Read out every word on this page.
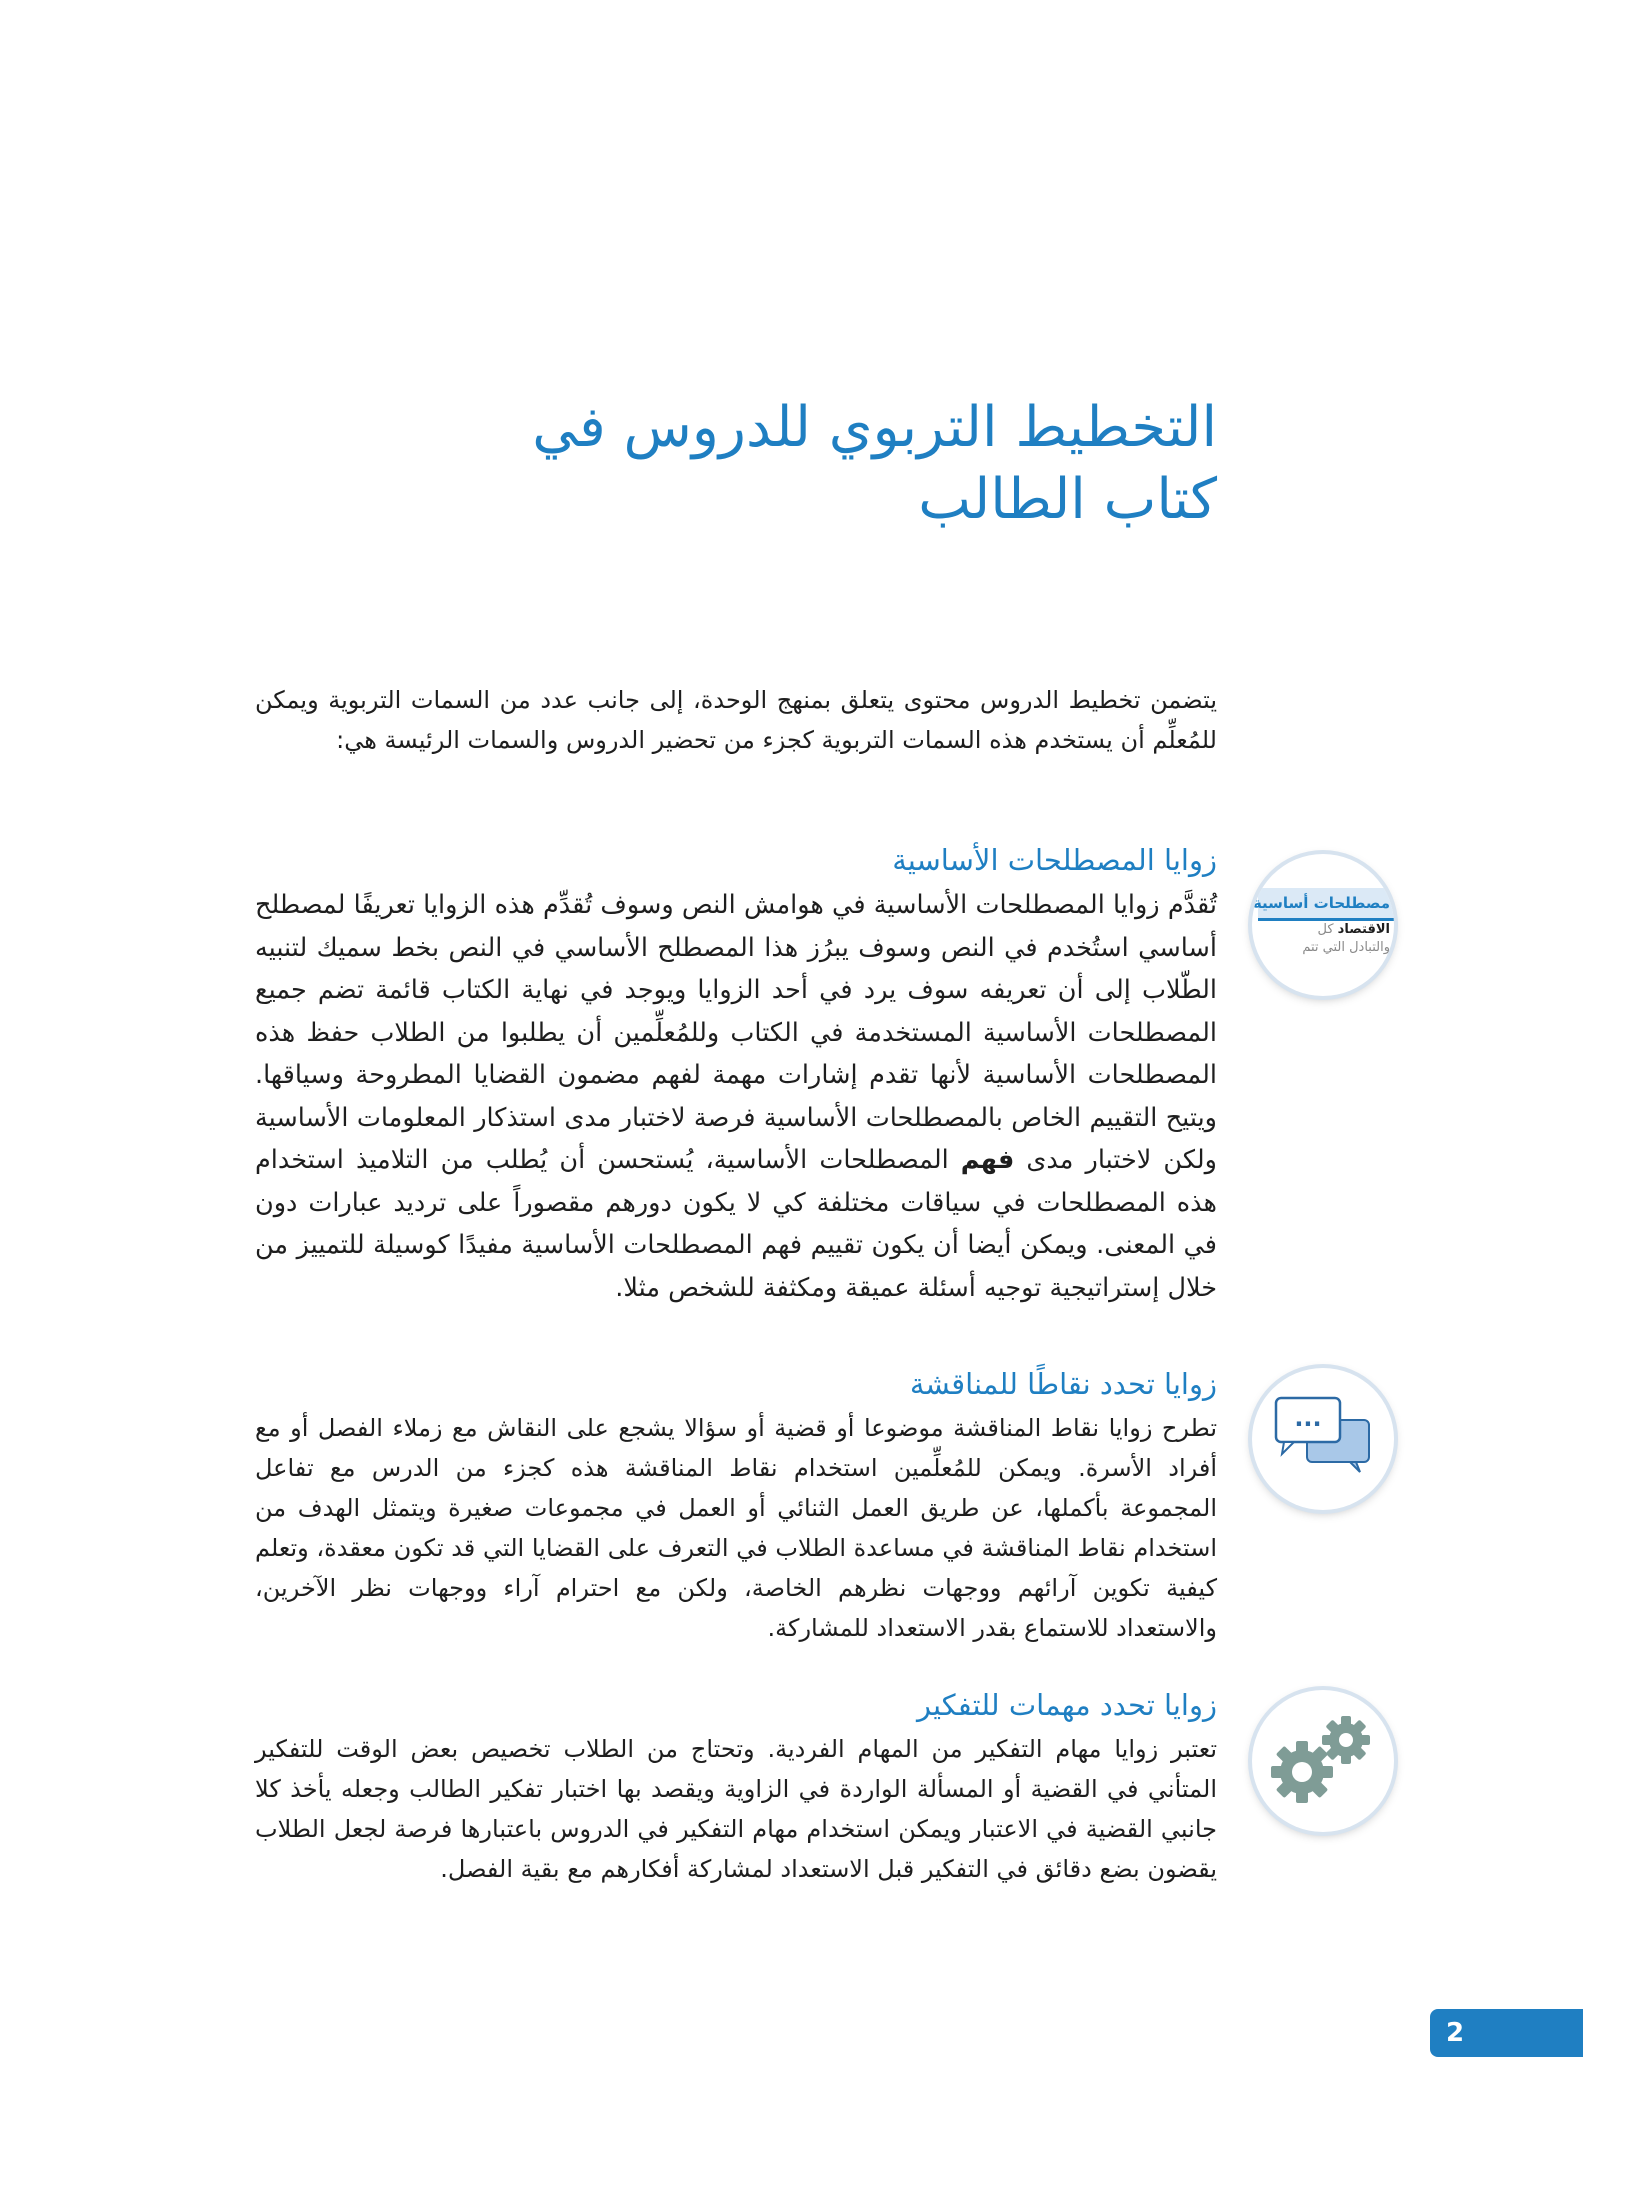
التخطيط التربوي للدروس في كتاب الطالب

يتضمن تخطيط الدروس محتوى يتعلق بمنهج الوحدة، إلى جانب عدد من السمات التربوية ويمكن للمُعلِّم أن يستخدم هذه السمات التربوية كجزء من تحضير الدروس والسمات الرئيسة هي:

مصطلحات أساسية
الاقتصاد كل
والتبادل التي تتم
زوايا المصطلحات الأساسية

تُقدَّم زوايا المصطلحات الأساسية في هوامش النص وسوف تُقدِّم هذه الزوايا تعريفًا لمصطلح أساسي استُخدم في النص وسوف يبرُز هذا المصطلح الأساسي في النص بخط سميك لتنبيه الطّلاب إلى أن تعريفه سوف يرد في أحد الزوايا ويوجد في نهاية الكتاب قائمة تضم جميع المصطلحات الأساسية المستخدمة في الكتاب وللمُعلِّمين أن يطلبوا من الطلاب حفظ هذه المصطلحات الأساسية لأنها تقدم إشارات مهمة لفهم مضمون القضايا المطروحة وسياقها. ويتيح التقييم الخاص بالمصطلحات الأساسية فرصة لاختبار مدى استذكار المعلومات الأساسية ولكن لاختبار مدى فهم المصطلحات الأساسية، يُستحسن أن يُطلب من التلاميذ استخدام هذه المصطلحات في سياقات مختلفة كي لا يكون دورهم مقصوراً على ترديد عبارات دون في المعنى. ويمكن أيضا أن يكون تقييم فهم المصطلحات الأساسية مفيدًا كوسيلة للتمييز من خلال إستراتيجية توجيه أسئلة عميقة ومكثفة للشخص مثلا.

...
زوايا تحدد نقاطًا للمناقشة

تطرح زوايا نقاط المناقشة موضوعا أو قضية أو سؤالا يشجع على النقاش مع زملاء الفصل أو مع أفراد الأسرة. ويمكن للمُعلِّمين استخدام نقاط المناقشة هذه كجزء من الدرس مع تفاعل المجموعة بأكملها، عن طريق العمل الثنائي أو العمل في مجموعات صغيرة ويتمثل الهدف من استخدام نقاط المناقشة في مساعدة الطلاب في التعرف على القضايا التي قد تكون معقدة، وتعلم كيفية تكوين آرائهم ووجهات نظرهم الخاصة، ولكن مع احترام آراء ووجهات نظر الآخرين، والاستعداد للاستماع بقدر الاستعداد للمشاركة.

زوايا تحدد مهمات للتفكير

تعتبر زوايا مهام التفكير من المهام الفردية. وتحتاج من الطلاب تخصيص بعض الوقت للتفكير المتأني في القضية أو المسألة الواردة في الزاوية ويقصد بها اختبار تفكير الطالب وجعله يأخذ كلا جانبي القضية في الاعتبار ويمكن استخدام مهام التفكير في الدروس باعتبارها فرصة لجعل الطلاب يقضون بضع دقائق في التفكير قبل الاستعداد لمشاركة أفكارهم مع بقية الفصل.

2
